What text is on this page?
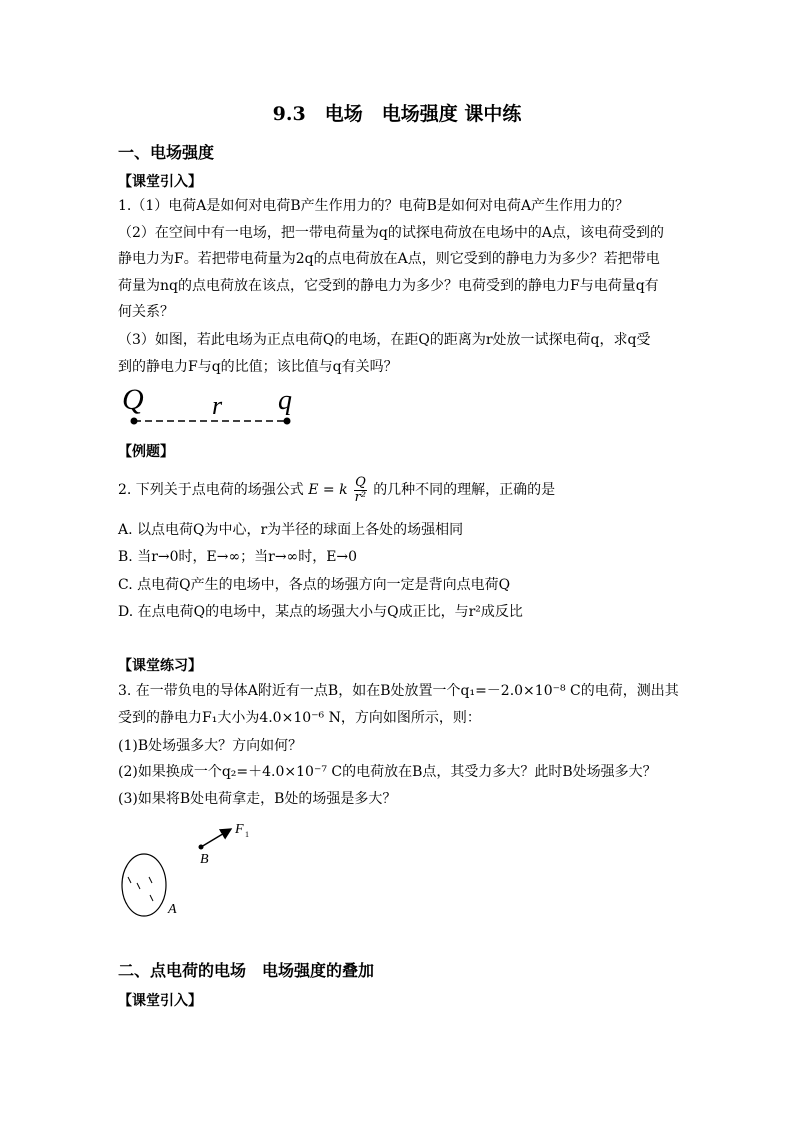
9.3　电场　电场强度 课中练
一、电场强度
【课堂引入】
1.（1）电荷A是如何对电荷B产生作用力的？电荷B是如何对电荷A产生作用力的？
（2）在空间中有一电场，把一带电荷量为q的试探电荷放在电场中的A点，该电荷受到的
静电力为F。若把带电荷量为2q的点电荷放在A点，则它受到的静电力为多少？若把带电
荷量为nq的点电荷放在该点，它受到的静电力为多少？电荷受到的静电力F与电荷量q有
何关系？
（3）如图，若此电场为正点电荷Q的电场，在距Q的距离为r处放一试探电荷q，求q受
到的静电力F与q的比值；该比值与q有关吗？
Q	r q
【例题】
2. 下列关于点电荷的场强公式 E = k $\frac{Q}{\text{r²}}$ 的几种不同的理解，正确的是
A. 以点电荷Q为中心，r为半径的球面上各处的场强相同
B. 当r→0时，E→∞；当r→∞时，E→0
C. 点电荷Q产生的电场中，各点的场强方向一定是背向点电荷Q
D. 在点电荷Q的电场中，某点的场强大小与Q成正比，与r²成反比
【课堂练习】
3. 在一带负电的导体A附近有一点B，如在B处放置一个q₁=－2.0×10⁻⁸ C的电荷，测出其
受到的静电力F₁大小为4.0×10⁻⁶ N，方向如图所示，则：
(1)B处场强多大？方向如何？
(2)如果换成一个q₂=＋4.0×10⁻⁷ C的电荷放在B点，其受力多大？此时B处场强多大？
(3)如果将B处电荷拿走，B处的场强是多大？
F 1
B
A
二、点电荷的电场　电场强度的叠加
【课堂引入】
